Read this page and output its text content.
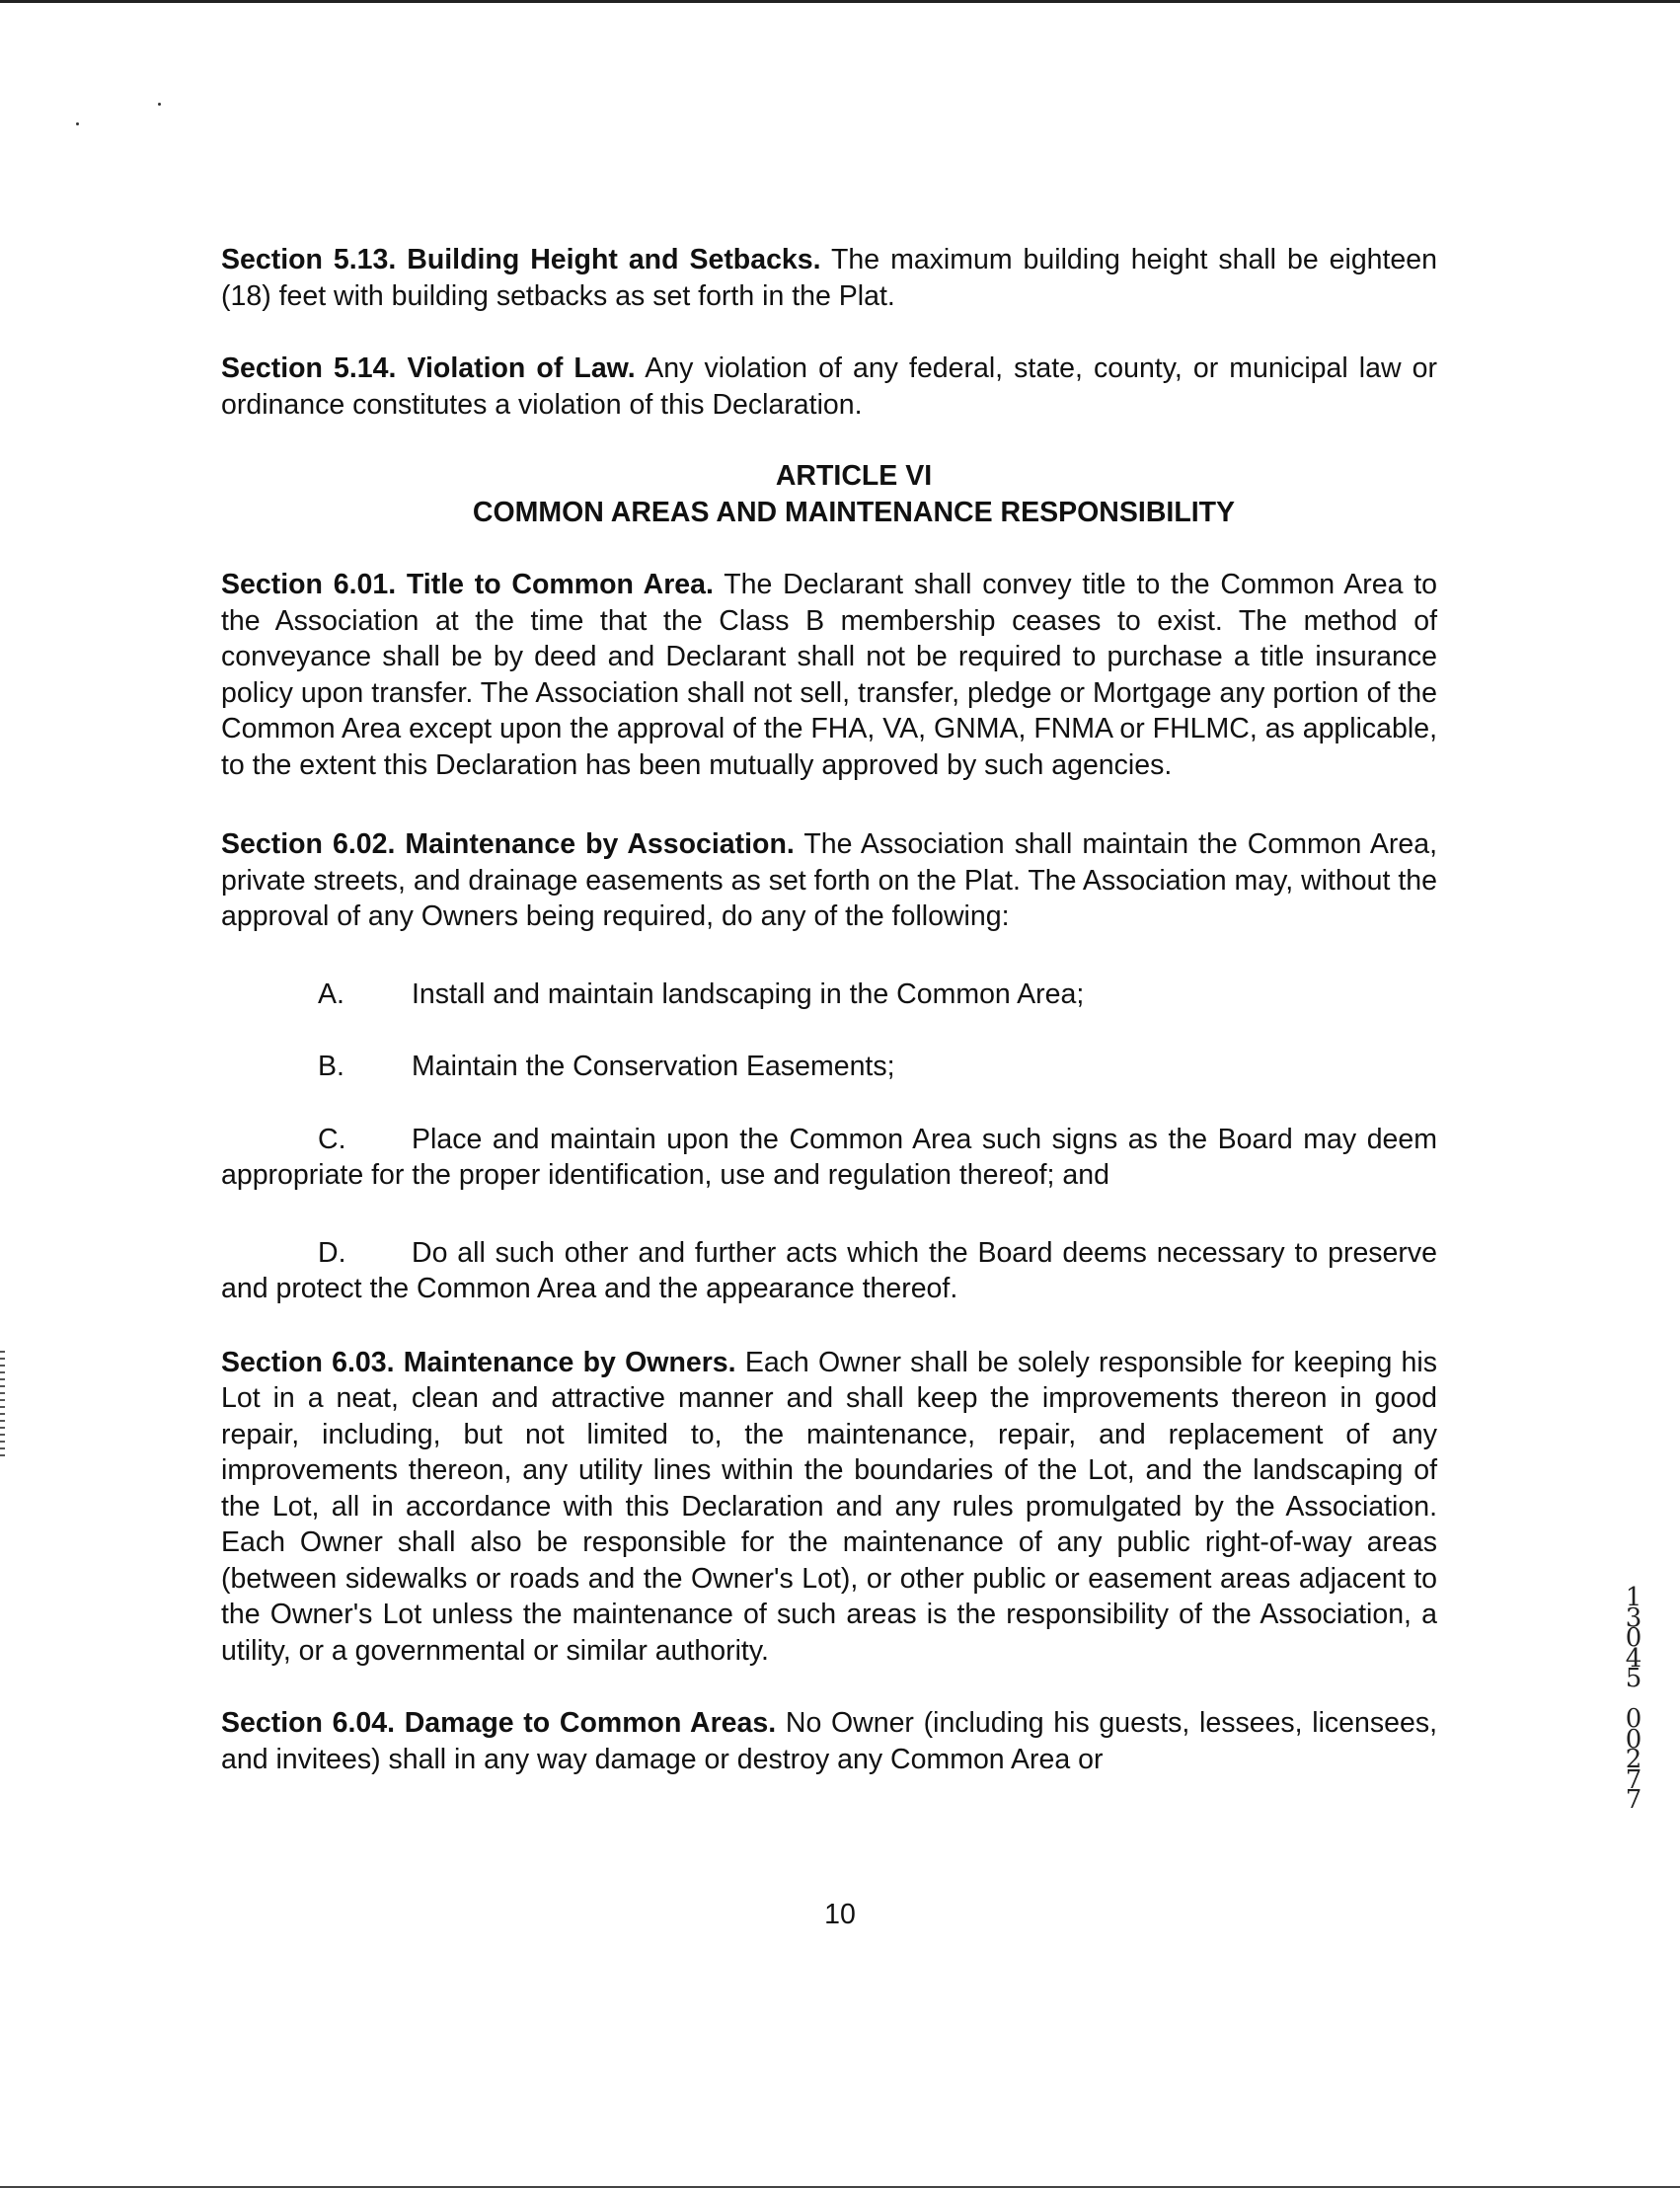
Section 5.13. Building Height and Setbacks. The maximum building height shall be eighteen (18) feet with building setbacks as set forth in the Plat.

Section 5.14. Violation of Law. Any violation of any federal, state, county, or municipal law or ordinance constitutes a violation of this Declaration.

ARTICLE VI
COMMON AREAS AND MAINTENANCE RESPONSIBILITY

Section 6.01. Title to Common Area. The Declarant shall convey title to the Common Area to the Association at the time that the Class B membership ceases to exist. The method of conveyance shall be by deed and Declarant shall not be required to purchase a title insurance policy upon transfer. The Association shall not sell, transfer, pledge or Mortgage any portion of the Common Area except upon the approval of the FHA, VA, GNMA, FNMA or FHLMC, as applicable, to the extent this Declaration has been mutually approved by such agencies.

Section 6.02. Maintenance by Association. The Association shall maintain the Common Area, private streets, and drainage easements as set forth on the Plat. The Association may, without the approval of any Owners being required, do any of the following:

A.	Install and maintain landscaping in the Common Area;
B.	Maintain the Conservation Easements;

C. Place and maintain upon the Common Area such signs as the Board may deem appropriate for the proper identification, use and regulation thereof; and

D. Do all such other and further acts which the Board deems necessary to preserve and protect the Common Area and the appearance thereof.

Section 6.03. Maintenance by Owners. Each Owner shall be solely responsible for keeping his Lot in a neat, clean and attractive manner and shall keep the improvements thereon in good repair, including, but not limited to, the maintenance, repair, and replacement of any improvements thereon, any utility lines within the boundaries of the Lot, and the landscaping of the Lot, all in accordance with this Declaration and any rules promulgated by the Association. Each Owner shall also be responsible for the maintenance of any public right-of-way areas (between sidewalks or roads and the Owner's Lot), or other public or easement areas adjacent to the Owner's Lot unless the maintenance of such areas is the responsibility of the Association, a utility, or a governmental or similar authority.

Section 6.04. Damage to Common Areas. No Owner (including his guests, lessees, licensees, and invitees) shall in any way damage or destroy any Common Area or

10
1
3
0
4
5

0
0
2
7
7
